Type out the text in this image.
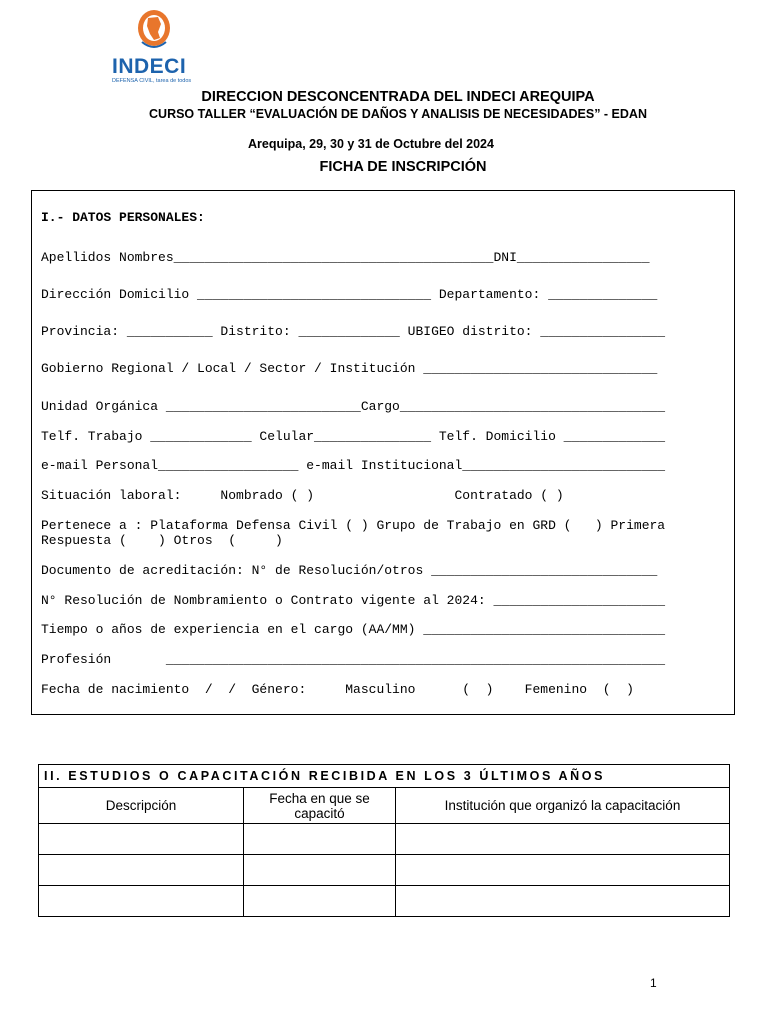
INDECI
DEFENSA CIVIL, tarea de todos
DIRECCION DESCONCENTRADA DEL INDECI AREQUIPA
CURSO TALLER “EVALUACIÓN DE DAÑOS Y ANALISIS DE NECESIDADES” - EDAN
Arequipa, 29, 30 y 31 de Octubre del 2024
FICHA DE INSCRIPCIÓN
I.- DATOS PERSONALES:
Apellidos Nombres_________________________________________DNI_________________
Dirección Domicilio ______________________________ Departamento: ______________
Provincia: ___________ Distrito: _____________ UBIGEO distrito: ________________
Gobierno Regional / Local / Sector / Institución ______________________________
Unidad Orgánica _________________________Cargo__________________________________
Telf. Trabajo _____________ Celular_______________ Telf. Domicilio _____________
e-mail Personal__________________ e-mail Institucional__________________________
Situación laboral:     Nombrado ( )                  Contratado ( )
Pertenece a : Plataforma Defensa Civil ( ) Grupo de Trabajo en GRD (   ) Primera
Respuesta (    ) Otros  (     )
Documento de acreditación: N° de Resolución/otros _____________________________
N° Resolución de Nombramiento o Contrato vigente al 2024: ______________________
Tiempo o años de experiencia en el cargo (AA/MM) _______________________________
Profesión       ________________________________________________________________
Fecha de nacimiento  /  /  Género:     Masculino      (  )    Femenino  (  )
II. ESTUDIOS O CAPACITACIÓN RECIBIDA EN LOS 3 ÚLTIMOS AÑOS		
Descripción	Fecha en que se capacitó	Institución que organizó la capacitación

1
